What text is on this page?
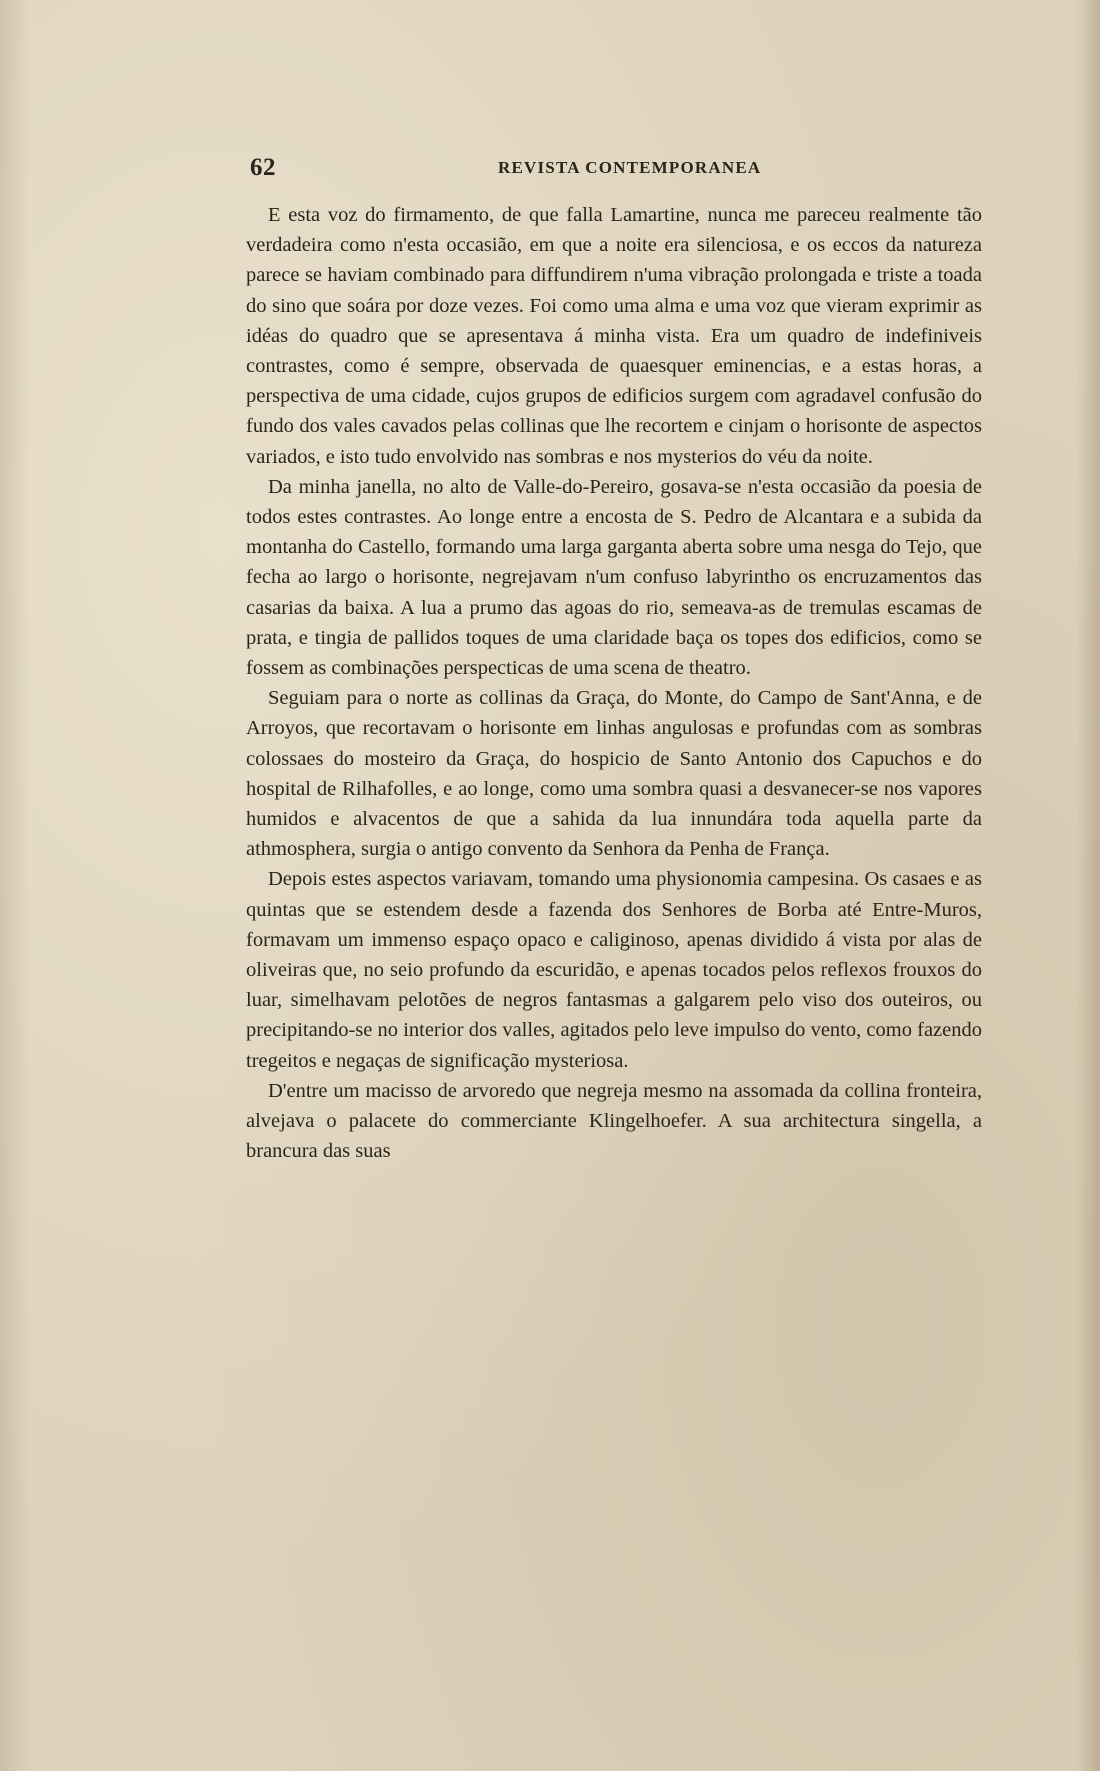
62	REVISTA CONTEMPORANEA

E esta voz do firmamento, de que falla Lamartine, nunca me pareceu realmente tão verdadeira como n'esta occasião, em que a noite era silenciosa, e os eccos da natureza parece se haviam combinado para diffundirem n'uma vibração prolongada e triste a toada do sino que soára por doze vezes. Foi como uma alma e uma voz que vieram exprimir as idéas do quadro que se apresentava á minha vista. Era um quadro de indefiniveis contrastes, como é sempre, observada de quaesquer eminencias, e a estas horas, a perspectiva de uma cidade, cujos grupos de edificios surgem com agradavel confusão do fundo dos vales cavados pelas collinas que lhe recortem e cinjam o horisonte de aspectos variados, e isto tudo envolvido nas sombras e nos mysterios do véu da noite.

Da minha janella, no alto de Valle-do-Pereiro, gosava-se n'esta occasião da poesia de todos estes contrastes. Ao longe entre a encosta de S. Pedro de Alcantara e a subida da montanha do Castello, formando uma larga garganta aberta sobre uma nesga do Tejo, que fecha ao largo o horisonte, negrejavam n'um confuso labyrintho os encruzamentos das casarias da baixa. A lua a prumo das agoas do rio, semeava-as de tremulas escamas de prata, e tingia de pallidos toques de uma claridade baça os topes dos edificios, como se fossem as combinações perspecticas de uma scena de theatro.

Seguiam para o norte as collinas da Graça, do Monte, do Campo de Sant'Anna, e de Arroyos, que recortavam o horisonte em linhas angulosas e profundas com as sombras colossaes do mosteiro da Graça, do hospicio de Santo Antonio dos Capuchos e do hospital de Rilhafolles, e ao longe, como uma sombra quasi a desvanecer-se nos vapores humidos e alvacentos de que a sahida da lua innundára toda aquella parte da athmosphera, surgia o antigo convento da Senhora da Penha de França.

Depois estes aspectos variavam, tomando uma physionomia campesina. Os casaes e as quintas que se estendem desde a fazenda dos Senhores de Borba até Entre-Muros, formavam um immenso espaço opaco e caliginoso, apenas dividido á vista por alas de oliveiras que, no seio profundo da escuridão, e apenas tocados pelos reflexos frouxos do luar, simelhavam pelotões de negros fantasmas a galgarem pelo viso dos outeiros, ou precipitando-se no interior dos valles, agitados pelo leve impulso do vento, como fazendo tregeitos e negaças de significação mysteriosa.

D'entre um macisso de arvoredo que negreja mesmo na assomada da collina fronteira, alvejava o palacete do commerciante Klingelhoefer. A sua architectura singella, a brancura das suas
